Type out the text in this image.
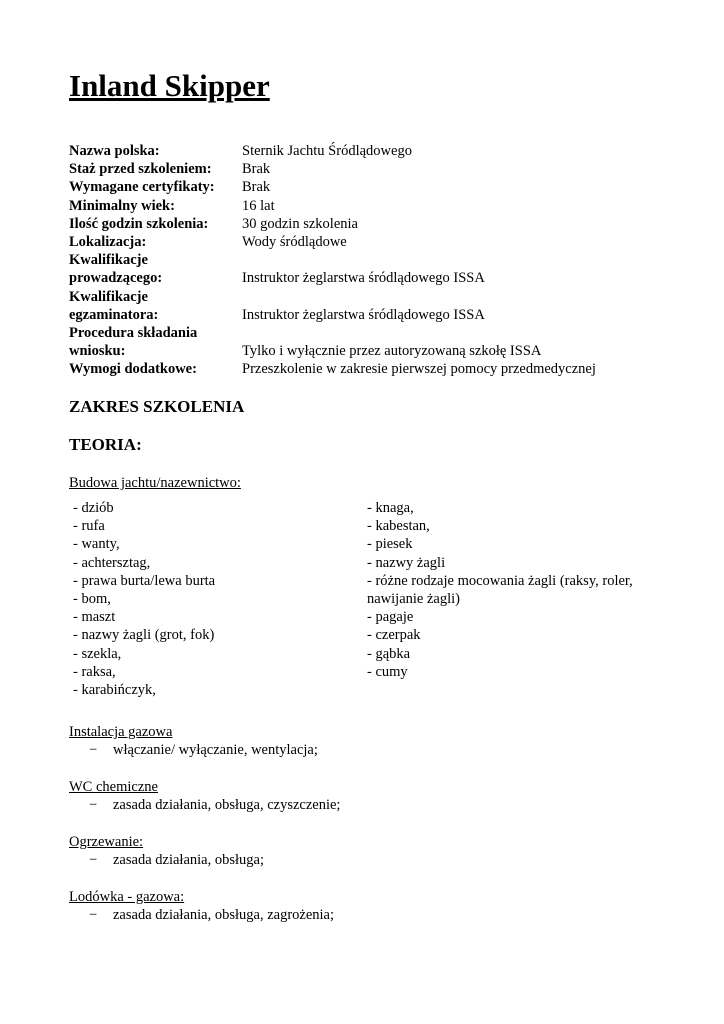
Inland Skipper
Nazwa polska:	Sternik Jachtu Śródlądowego
Staż przed szkoleniem:	Brak
Wymagane certyfikaty:	Brak
Minimalny wiek:	16 lat
Ilość godzin szkolenia:	30 godzin szkolenia
Lokalizacja:	Wody śródlądowe
Kwalifikacje prowadzącego:	Instruktor żeglarstwa śródlądowego ISSA
Kwalifikacje egzaminatora:	Instruktor żeglarstwa śródlądowego ISSA
Procedura składania wniosku:	Tylko i wyłącznie przez autoryzowaną szkołę ISSA
Wymogi dodatkowe:	Przeszkolenie w zakresie pierwszej pomocy przedmedycznej
ZAKRES SZKOLENIA
TEORIA:
Budowa jachtu/nazewnictwo:
- dziób
- rufa
- wanty,
- achtersztag,
- prawa burta/lewa burta
- bom,
- maszt
- nazwy żagli (grot, fok)
- szekla,
- raksa,
- karabińczyk,
- knaga,
- kabestan,
- piesek
- nazwy żagli
- różne rodzaje mocowania żagli (raksy, roler, nawijanie żagli)
- pagaje
- czerpak
- gąbka
- cumy
Instalacja gazowa
− włączanie/ wyłączanie, wentylacja;
WC chemiczne
− zasada działania, obsługa, czyszczenie;
Ogrzewanie:
− zasada działania, obsługa;
Lodówka - gazowa:
− zasada działania, obsługa, zagrożenia;
